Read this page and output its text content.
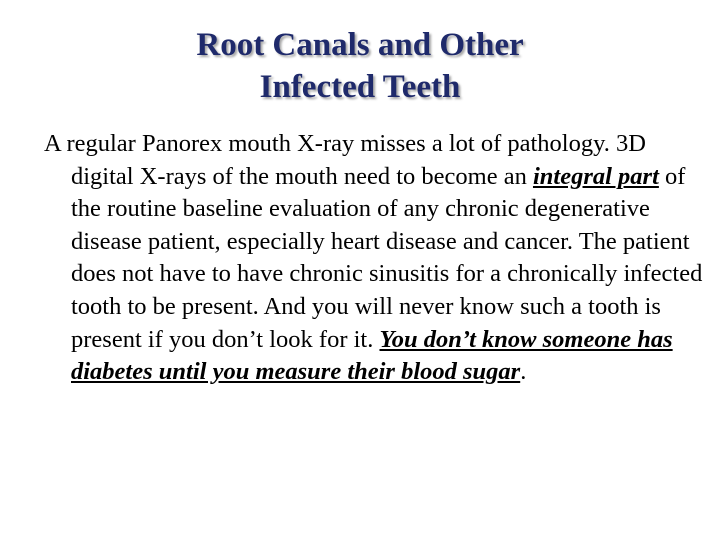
Root Canals and Other
Infected Teeth
A regular Panorex mouth X-ray misses a lot of pathology. 3D digital X-rays of the mouth need to become an integral part of the routine baseline evaluation of any chronic degenerative disease patient, especially heart disease and cancer. The patient does not have to have chronic sinusitis for a chronically infected tooth to be present. And you will never know such a tooth is present if you don’t look for it. You don’t know someone has diabetes until you measure their blood sugar.
